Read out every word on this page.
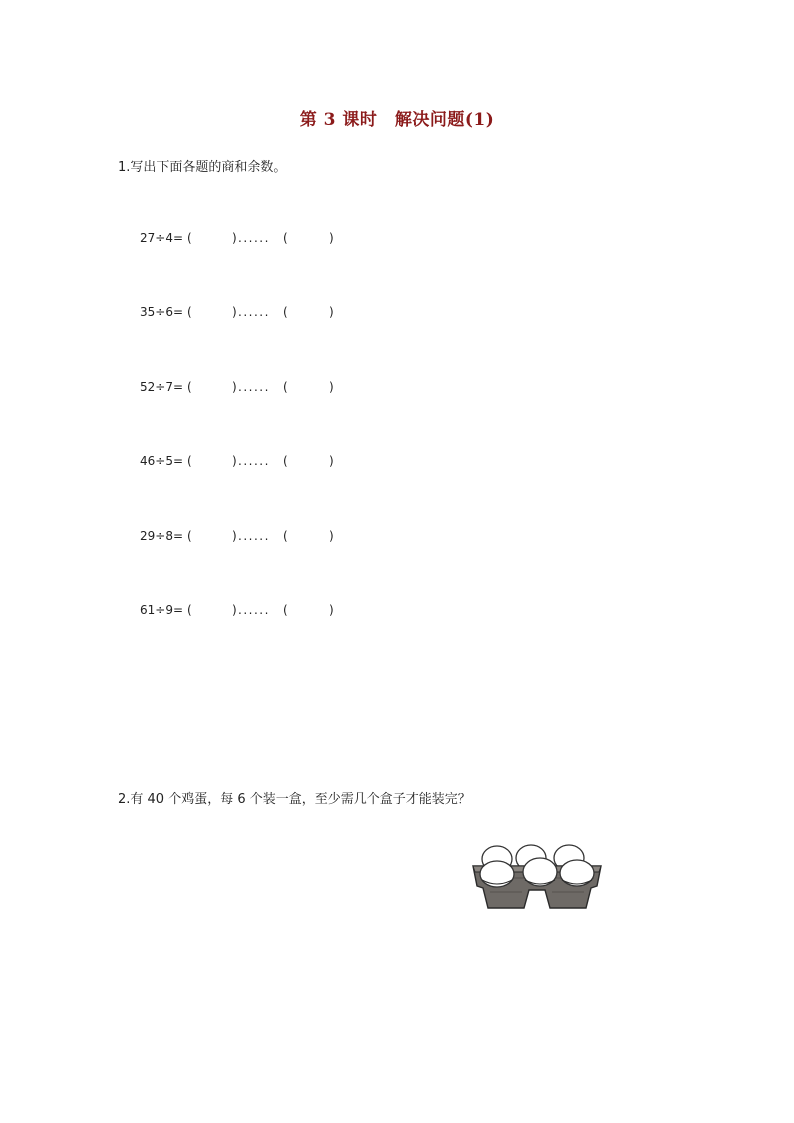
第 3 课时　解决问题(1)
1.写出下面各题的商和余数。
27÷4= (	) ...... (	)
35÷6= (	) ...... (	)
52÷7= (	) ...... (	)
46÷5= (	) ...... (	)
29÷8= (	) ...... (	)
61÷9= (	) ...... (	)
2.有 40 个鸡蛋，每 6 个装一盒，至少需几个盒子才能装完？
